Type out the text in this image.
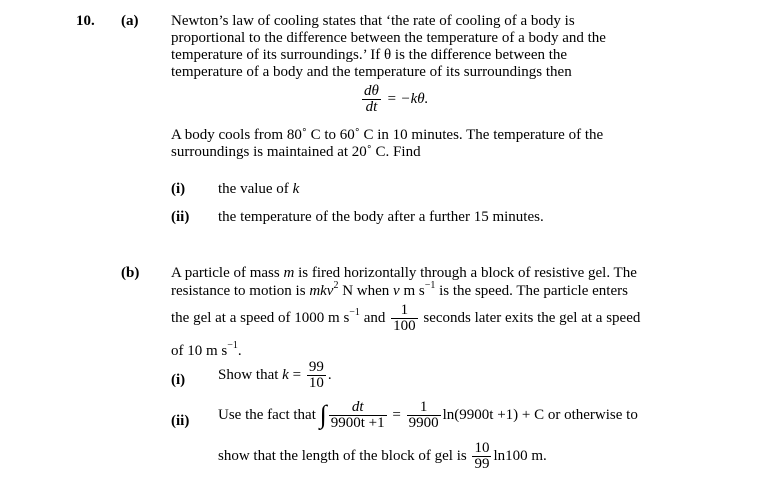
10. (a) Newton’s law of cooling states that ‘the rate of cooling of a body is
proportional to the difference between the temperature of a body and the
temperature of its surroundings.’ If θ is the difference between the
temperature of a body and the temperature of its surroundings then
$\frac{d\theta}{dt} = -k\theta$.
A body cools from 80˚ C to 60˚ C in 10 minutes. The temperature of the
surroundings is maintained at 20˚ C. Find
(i) the value of k
(ii) the temperature of the body after a further 15 minutes.
(b) A particle of mass m is fired horizontally through a block of resistive gel. The
resistance to motion is mkv$^2$ N when v m $s^{-1}$ is the speed. The particle enters
the gel at a speed of 1000 m $s^{-1}$ and $\frac{1}{100}$ seconds later exits the gel at a speed
of 10 m $s^{-1}$.
(i) Show that $k = \frac{99}{10}$ .
(ii) Use the fact that ∫ $\frac{dt}{9900t +1} = \frac{1}{9900} \ln(9900t +1) + C$ or otherwise to
show that the length of the block of gel is $\frac{10}{99} \ln 100$ m.
